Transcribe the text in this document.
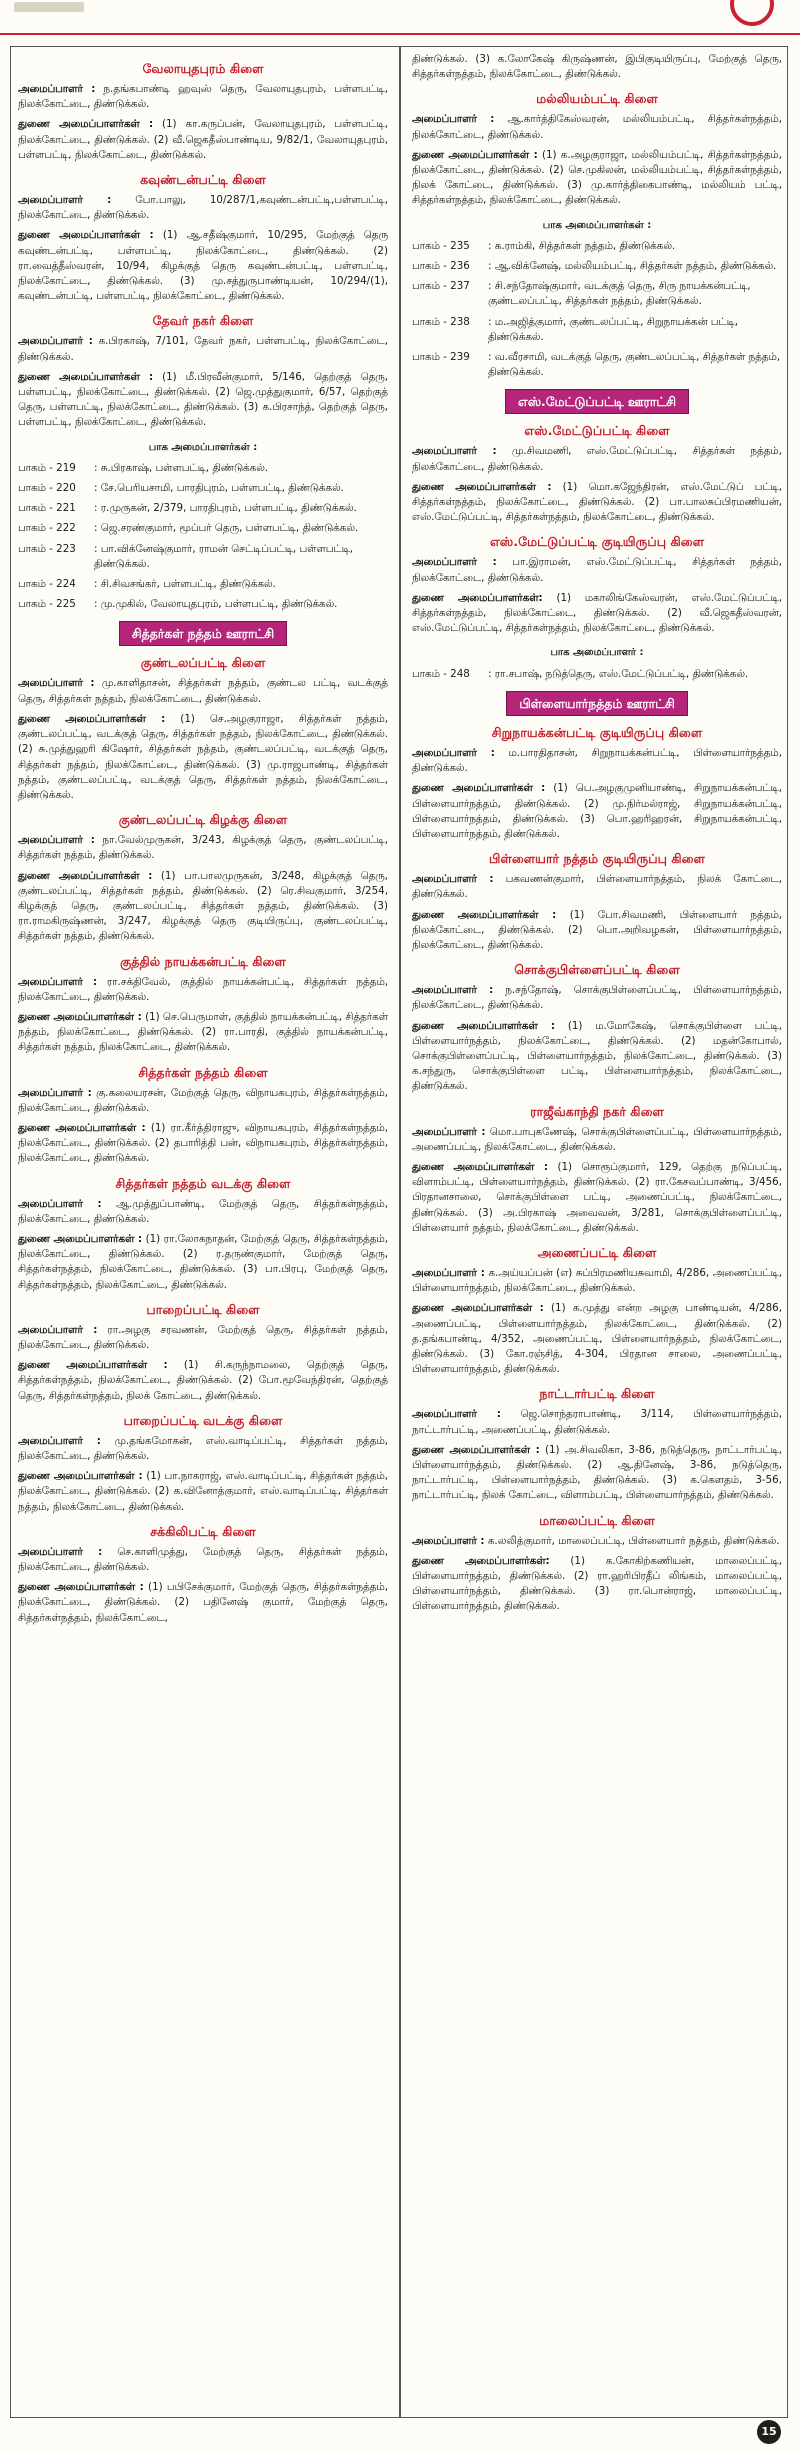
வேலாயுதபுரம் கிளை

அமைப்பாளர் : ந.தங்கபாண்டி ஹவுஸ் தெரு, வேலாயுதபுரம், பள்ளபட்டி, நிலக்கோட்டை, திண்டுக்கல்.

துணை அமைப்பாளர்கள் : (1) கா.கருப்பன், வேலாயுதபுரம், பள்ளபட்டி, நிலக்கோட்டை, திண்டுக்கல். (2) வீ.ஜெகதீஸ்பாண்டிய, 9/82/1, வேலாயுதபுரம், பள்ளபட்டி, நிலக்கோட்டை, திண்டுக்கல்.

கவுண்டன்பட்டி கிளை

அமைப்பாளர் : போ.பாலு, 10/287/1,கவுண்டன்பட்டி,பள்ளபட்டி, நிலக்கோட்டை, திண்டுக்கல்.

துணை அமைப்பாளர்கள் : (1) ஆ.சதீஷ்குமார், 10/295, மேற்குத் தெரு கவுண்டன்பட்டி, பள்ளபட்டி, நிலக்கோட்டை, திண்டுக்கல். (2) ரா.வைத்தீஸ்வரன், 10/94, கிழக்குத் தெரு கவுண்டன்பட்டி, பள்ளபட்டி, நிலக்கோட்டை, திண்டுக்கல். (3) மு.சத்துருபாண்டியன், 10/294/(1), கவுண்டன்பட்டி, பள்ளபட்டி, நிலக்கோட்டை, திண்டுக்கல்.

தேவர் நகர் கிளை

அமைப்பாளர் : க.பிரகாஷ், 7/101, தேவர் நகர், பள்ளபட்டி, நிலக்கோட்டை, திண்டுக்கல்.

துணை அமைப்பாளர்கள் : (1) மீ.பிரவீன்குமார், 5/146, தெற்குத் தெரு, பள்ளபட்டி, நிலக்கோட்டை, திண்டுக்கல். (2) ஜெ.முத்துகுமார், 6/57, தெற்குத் தெரு, பள்ளபட்டி, நிலக்கோட்டை, திண்டுக்கல். (3) க.பிரசாந்த், தெற்குத் தெரு, பள்ளபட்டி, நிலக்கோட்டை, திண்டுக்கல்.

பாக அமைப்பாளர்கள் :
பாகம் - 219	: சு.பிரகாஷ், பள்ளபட்டி, திண்டுக்கல்.
பாகம் - 220	: சே.பெரியசாமி, பாரதிபுரம், பள்ளபட்டி, திண்டுக்கல்.
பாகம் - 221	: ர.முருகன், 2/379, பாரதிபுரம், பள்ளபட்டி, திண்டுக்கல்.
பாகம் - 222	: ஜெ.சரண்குமார், மூப்பர் தெரு, பள்ளபட்டி, திண்டுக்கல்.
பாகம் - 223	: பா.விக்னேஷ்குமார், ராமன் செட்டிப்பட்டி, பள்ளபட்டி, திண்டுக்கல்.
பாகம் - 224	: சி.சிவசங்கர், பள்ளபட்டி, திண்டுக்கல்.
பாகம் - 225	: மு.முகில், வேலாயுதபுரம், பள்ளபட்டி, திண்டுக்கல்.
சித்தர்கள் நத்தம் ஊராட்சி
குண்டலப்பட்டி கிளை

அமைப்பாளர் : மு.காளிதாசன், சித்தர்கள் நத்தம், குண்டல பட்டி, வடக்குத் தெரு, சித்தர்கள் நத்தம், நிலக்கோட்டை, திண்டுக்கல்.

துணை அமைப்பாளர்கள் : (1) செ.அழகுராஜா, சித்தர்கள் நத்தம், குண்டலப்பட்டி, வடக்குத் தெரு, சித்தர்கள் நத்தம், நிலக்கோட்டை, திண்டுக்கல். (2) சு.முத்துஹரி கிஷோர், சித்தர்கள் நத்தம், குண்டலப்பட்டி, வடக்குத் தெரு, சித்தர்கள் நத்தம், நிலக்கோட்டை, திண்டுக்கல். (3) மு.ராஜபாண்டி, சித்தர்கள் நத்தம், குண்டலப்பட்டி, வடக்குத் தெரு, சித்தர்கள் நத்தம், நிலக்கோட்டை, திண்டுக்கல்.

குண்டலப்பட்டி கிழக்கு கிளை

அமைப்பாளர் : நா.வேல்முருகன், 3/243, கிழக்குத் தெரு, குண்டலப்பட்டி, சித்தர்கள் நத்தம், திண்டுக்கல்.

துணை அமைப்பாளர்கள் : (1) பா.பாலமுருகன், 3/248, கிழக்குத் தெரு, குண்டலப்பட்டி, சித்தர்கள் நத்தம், திண்டுக்கல். (2) ரெ.சிவகுமார், 3/254, கிழக்குத் தெரு, குண்டலப்பட்டி, சித்தர்கள் நத்தம், திண்டுக்கல். (3) ரா.ராமகிருஷ்ணன், 3/247, கிழக்குத் தெரு குடியிருப்பு, குண்டலப்பட்டி, சித்தர்கள் நத்தம், திண்டுக்கல்.

குத்தில் நாயக்கன்பட்டி கிளை

அமைப்பாளர் : ரா.சக்திவேல், குத்தில் நாயக்கன்பட்டி, சித்தர்கள் நத்தம், நிலக்கோட்டை, திண்டுக்கல்.

துணை அமைப்பாளர்கள் : (1) செ.பெருமாள், குத்தில் நாயக்கன்பட்டி, சித்தர்கள் நத்தம், நிலக்கோட்டை, திண்டுக்கல். (2) ரா.பாரதி, குத்தில் நாயக்கன்பட்டி, சித்தர்கள் நத்தம், நிலக்கோட்டை, திண்டுக்கல்.

சித்தர்கள் நத்தம் கிளை

அமைப்பாளர் : கு.கலையரசன், மேற்குத் தெரு, விநாயகபுரம், சித்தர்கள்நத்தம், நிலக்கோட்டை, திண்டுக்கல்.

துணை அமைப்பாளர்கள் : (1) ரா.கீர்த்திராஜு, விநாயகபுரம், சித்தர்கள்நத்தம், நிலக்கோட்டை, திண்டுக்கல். (2) தபாரித்தி பன், விநாயகபுரம், சித்தர்கள்நத்தம், நிலக்கோட்டை, திண்டுக்கல்.

சித்தர்கள் நத்தம் வடக்கு கிளை

அமைப்பாளர் : ஆ.முத்துப்பாண்டி, மேற்குத் தெரு, சித்தர்கள்நத்தம், நிலக்கோட்டை, திண்டுக்கல்.

துணை அமைப்பாளர்கள் : (1) ரா.லோகநாதன், மேற்குத் தெரு, சித்தர்கள்நத்தம், நிலக்கோட்டை, திண்டுக்கல். (2) ர.தருண்குமார், மேற்குத் தெரு, சித்தர்கள்நத்தம், நிலக்கோட்டை, திண்டுக்கல். (3) பா.பிரபு, மேற்குத் தெரு, சித்தர்கள்நத்தம், நிலக்கோட்டை, திண்டுக்கல்.

பாறைப்பட்டி கிளை

அமைப்பாளர் : ரா.அழகு சரவணன், மேற்குத் தெரு, சித்தர்கள் நத்தம், நிலக்கோட்டை, திண்டுக்கல்.

துணை அமைப்பாளர்கள் : (1) சி.கருந்நாமலை, தெற்குத் தெரு, சித்தர்கள்நத்தம், நிலக்கோட்டை, திண்டுக்கல். (2) போ.மூவேந்திரன், தெற்குத் தெரு, சித்தர்கள்நத்தம், நிலக் கோட்டை, திண்டுக்கல்.

பாறைப்பட்டி வடக்கு கிளை

அமைப்பாளர் : மு.தங்கமோகன், எஸ்.வாடிப்பட்டி, சித்தர்கள் நத்தம், நிலக்கோட்டை, திண்டுக்கல்.

துணை அமைப்பாளர்கள் : (1) பா.நாகராஜ், எஸ்.வாடிப்பட்டி, சித்தர்கள் நத்தம், நிலக்கோட்டை, திண்டுக்கல். (2) க.வினோத்குமார், எஸ்.வாடிப்பட்டி, சித்தர்கள் நத்தம், நிலக்கோட்டை, திண்டுக்கல்.

சக்கிலிபட்டி கிளை

அமைப்பாளர் : செ.காளிமுத்து, மேற்குத் தெரு, சித்தர்கள் நத்தம், நிலக்கோட்டை, திண்டுக்கல்.

துணை அமைப்பாளர்கள் : (1) பபிசேக்குமார், மேற்குத் தெரு, சித்தர்கள்நத்தம், நிலக்கோட்டை, திண்டுக்கல். (2) பதினேஷ் குமார், மேற்குத் தெரு, சித்தர்கள்நத்தம், நிலக்கோட்டை,

திண்டுக்கல். (3) க.லோகேஷ் கிருஷ்ணன், இபிகுடியிருப்பு, மேற்குத் தெரு, சித்தர்கள்நத்தம், நிலக்கோட்டை, திண்டுக்கல்.

மல்லியம்பட்டி கிளை

அமைப்பாளர் : ஆ.கார்த்திகேஸ்வரன், மல்லியம்பட்டி, சித்தர்கள்நத்தம், நிலக்கோட்டை, திண்டுக்கல்.

துணை அமைப்பாளர்கள் : (1) க.அழகுராஜா, மல்லியம்பட்டி, சித்தர்கள்நத்தம், நிலக்கோட்டை, திண்டுக்கல். (2) செ.முகிலன், மல்லியம்பட்டி, சித்தர்கள்நத்தம், நிலக் கோட்டை, திண்டுக்கல். (3) மு.கார்த்திகைபாண்டி, மல்லியம் பட்டி, சித்தர்கள்நத்தம், நிலக்கோட்டை, திண்டுக்கல்.

பாக அமைப்பாளர்கள் :
பாகம் - 235	: க.ராம்கி, சித்தர்கள் நத்தம், திண்டுக்கல்.
பாகம் - 236	: ஆ.விக்னேஷ், மல்லியம்பட்டி, சித்தர்கள் நத்தம், திண்டுக்கல்.
பாகம் - 237	: சி.சந்தோஷ்குமார், வடக்குத் தெரு, சிரு நாயக்கன்பட்டி, குண்டலப்பட்டி, சித்தர்கள் நத்தம், திண்டுக்கல்.
பாகம் - 238	: ம.அஜித்குமார், குண்டலப்பட்டி, சிறுநாயக்கன் பட்டி, திண்டுக்கல்.
பாகம் - 239	: வ.வீரசாமி, வடக்குத் தெரு, குண்டலப்பட்டி, சித்தர்கள் நத்தம், திண்டுக்கல்.
எஸ்.மேட்டுப்பட்டி ஊராட்சி
எஸ்.மேட்டுப்பட்டி கிளை

அமைப்பாளர் : மு.சிவமணி, எஸ்.மேட்டுப்பட்டி, சித்தர்கள் நத்தம், நிலக்கோட்டை, திண்டுக்கல்.

துணை அமைப்பாளர்கள் : (1) மொ.கஜேந்திரன், எஸ்.மேட்டுப் பட்டி, சித்தர்கள்நத்தம், நிலக்கோட்டை, திண்டுக்கல். (2) பா.பாலசுப்பிரமணியன், எஸ்.மேட்டுப்பட்டி, சித்தர்கள்நத்தம், நிலக்கோட்டை, திண்டுக்கல்.

எஸ்.மேட்டுப்பட்டி குடியிருப்பு கிளை

அமைப்பாளர் : பா.இராமன், எஸ்.மேட்டுப்பட்டி, சித்தர்கள் நத்தம், நிலக்கோட்டை, திண்டுக்கல்.

துணை அமைப்பாளர்கள்: (1) மகாலிங்கேஸ்வரன், எஸ்.மேட்டுப்பட்டி, சித்தர்கள்நத்தம், நிலக்கோட்டை, திண்டுக்கல். (2) வீ.ஜெகதீஸ்வரன், எஸ்.மேட்டுப்பட்டி, சித்தர்கள்நத்தம், நிலக்கோட்டை, திண்டுக்கல்.

பாக அமைப்பாளர் :
பாகம் - 248	: ரா.சபாஷ், நடுத்தெரு, எஸ்.மேட்டுப்பட்டி, திண்டுக்கல்.
பிள்ளையார்நத்தம் ஊராட்சி
சிறுநாயக்கன்பட்டி குடியிருப்பு கிளை

அமைப்பாளர் : ம.பாரதிதாசன், சிறுநாயக்கன்பட்டி, பிள்ளையார்நத்தம், திண்டுக்கல்.

துணை அமைப்பாளர்கள் : (1) பெ.அழகுமுனியாண்டி, சிறுநாயக்கன்பட்டி, பிள்ளையார்நத்தம், திண்டுக்கல். (2) மு.நிர்மல்ராஜ், சிறுநாயக்கன்பட்டி, பிள்ளையார்நத்தம், திண்டுக்கல். (3) பொ.ஹரிஹரன், சிறுநாயக்கன்பட்டி, பிள்ளையார்நத்தம், திண்டுக்கல்.

பிள்ளையார் நத்தம் குடியிருப்பு கிளை

அமைப்பாளர் : பகவணன்குமார், பிள்ளையார்நத்தம், நிலக் கோட்டை, திண்டுக்கல்.

துணை அமைப்பாளர்கள் : (1) போ.சிவமணி, பிள்ளையார் நத்தம், நிலக்கோட்டை, திண்டுக்கல். (2) பொ.அறிவழகன், பிள்ளையார்நத்தம், நிலக்கோட்டை, திண்டுக்கல்.

சொக்குபிள்ளைப்பட்டி கிளை

அமைப்பாளர் : ந.சந்தோஷ், சொக்குபிள்ளைப்பட்டி, பிள்ளையார்நத்தம், நிலக்கோட்டை, திண்டுக்கல்.

துணை அமைப்பாளர்கள் : (1) ம.மோகேஷ், சொக்குபிள்ளை பட்டி, பிள்ளையார்நத்தம், நிலக்கோட்டை, திண்டுக்கல். (2) மதன்கோபால், சொக்குபிள்ளைப்பட்டி, பிள்ளையார்நத்தம், நிலக்கோட்டை, திண்டுக்கல். (3) க.சந்துரு, சொக்குபிள்ளை பட்டி, பிள்ளையார்நத்தம், நிலக்கோட்டை, திண்டுக்கல்.

ராஜீவ்காந்தி நகர் கிளை

அமைப்பாளர் : மொ.பாபுகணேஷ், சொக்குபிள்ளைப்பட்டி, பிள்ளையார்நத்தம், அணைப்பட்டி, நிலக்கோட்டை, திண்டுக்கல்.

துணை அமைப்பாளர்கள் : (1) சொரூப்குமார், 129, தெற்கு நடுப்பட்டி, விளாம்பட்டி, பிள்ளையார்நத்தம், திண்டுக்கல். (2) ரா.கேசவப்பாண்டி, 3/456, பிரதானசாலை, சொக்குபிள்ளை பட்டி, அணைப்பட்டி, நிலக்கோட்டை, திண்டுக்கல். (3) அ.பிரகாஷ் அவைவன், 3/281, சொக்குபிள்ளைப்பட்டி, பிள்ளையார் நத்தம், நிலக்கோட்டை, திண்டுக்கல்.

அணைப்பட்டி கிளை

அமைப்பாளர் : க.அய்யப்பன் (எ) சுப்பிரமணியசுவாமி, 4/286, அணைப்பட்டி, பிள்ளையார்நத்தம், நிலக்கோட்டை, திண்டுக்கல்.

துணை அமைப்பாளர்கள் : (1) க.முத்து என்ற அழகு பாண்டியன், 4/286, அணைப்பட்டி, பிள்ளையார்நத்தம், நிலக்கோட்டை, திண்டுக்கல். (2) த.தங்கபாண்டி, 4/352, அணைப்பட்டி, பிள்ளையார்நத்தம், நிலக்கோட்டை, திண்டுக்கல். (3) கோ.ரஞ்சித், 4-304, பிரதான சாலை, அணைப்பட்டி, பிள்ளையார்நத்தம், திண்டுக்கல்.

நாட்டார்பட்டி கிளை

அமைப்பாளர் : ஜெ.சொந்தராபாண்டி, 3/114, பிள்ளையார்நத்தம், நாட்டார்பட்டி, அணைப்பட்டி, திண்டுக்கல்.

துணை அமைப்பாளர்கள் : (1) அ.சிவலிகா, 3-86, நடுத்தெரு, நாட்டார்பட்டி, பிள்ளையார்நத்தம், திண்டுக்கல். (2) ஆ.தினேஷ், 3-86, நடுத்தெரு, நாட்டார்பட்டி, பிள்ளையார்நத்தம், திண்டுக்கல். (3) க.கௌதம், 3-56, நாட்டார்பட்டி, நிலக் கோட்டை, விளாம்பட்டி, பிள்ளையார்நத்தம், திண்டுக்கல்.

மாலைப்பட்டி கிளை

அமைப்பாளர் : க.லலித்குமார், மாலைப்பட்டி, பிள்ளையார் நத்தம், திண்டுக்கல்.

துணை அமைப்பாளர்கள்: (1) க.கோகிற்கணியன், மாலைப்பட்டி, பிள்ளையார்நத்தம், திண்டுக்கல். (2) ரா.ஹரிபிரதீப் லிங்கம், மாலைப்பட்டி, பிள்ளையார்நத்தம், திண்டுக்கல். (3) ரா.பொன்ராஜ், மாலைப்பட்டி, பிள்ளையார்நத்தம், திண்டுக்கல்.

15
